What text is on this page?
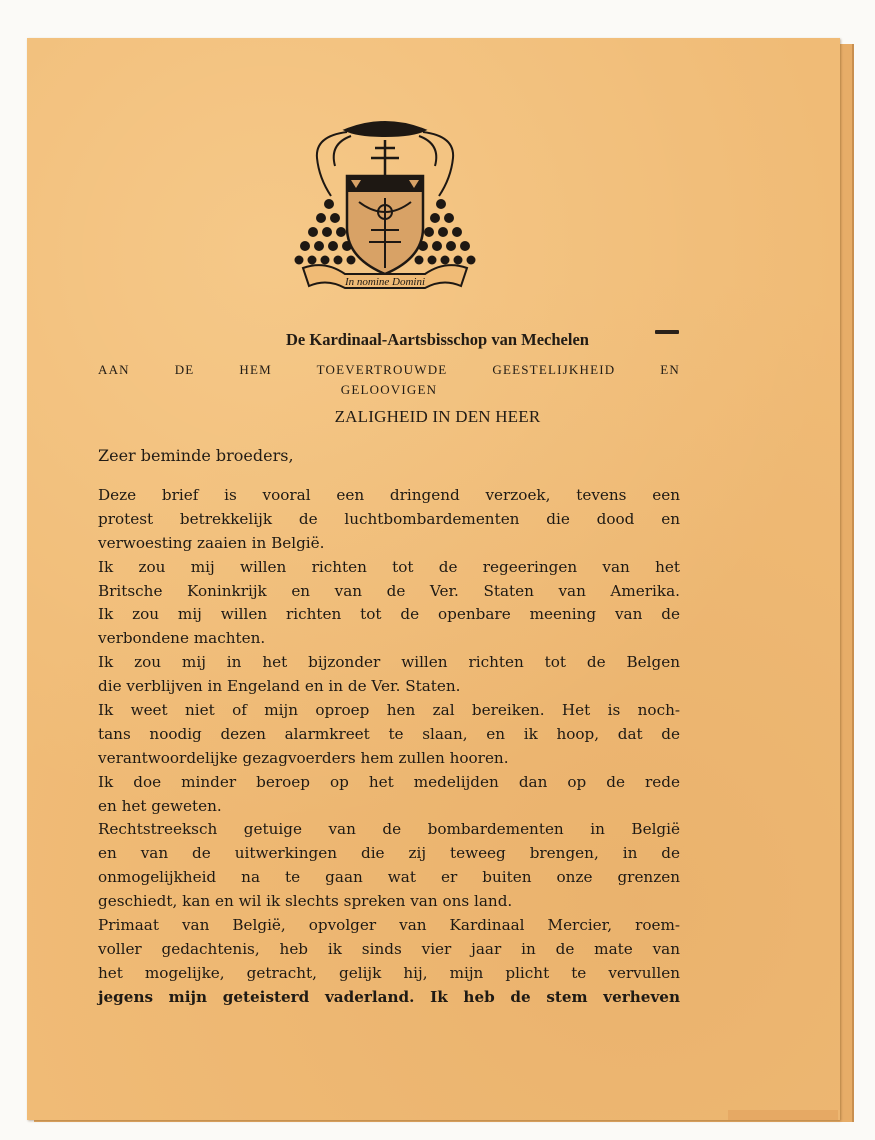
In nomine Domini
De Kardinaal-Aartsbisschop van Mechelen
AAN DE HEM TOEVERTROUWDE GEESTELIJKHEID EN
GELOOVIGEN
ZALIGHEID IN DEN HEER
Zeer beminde broeders,
Deze brief is vooral een dringend verzoek, tevens een
protest betrekkelijk de luchtbombardementen die dood en
verwoesting zaaien in België.
Ik zou mij willen richten tot de regeeringen van het
Britsche Koninkrijk en van de Ver. Staten van Amerika.
Ik zou mij willen richten tot de openbare meening van de
verbondene machten.
Ik zou mij in het bijzonder willen richten tot de Belgen
die verblijven in Engeland en in de Ver. Staten.
Ik weet niet of mijn oproep hen zal bereiken. Het is noch-
tans noodig dezen alarmkreet te slaan, en ik hoop, dat de
verantwoordelijke gezagvoerders hem zullen hooren.
Ik doe minder beroep op het medelijden dan op de rede
en het geweten.
Rechtstreeksch getuige van de bombardementen in België
en van de uitwerkingen die zij teweeg brengen, in de
onmogelijkheid na te gaan wat er buiten onze grenzen
geschiedt, kan en wil ik slechts spreken van ons land.
Primaat van België, opvolger van Kardinaal Mercier, roem-
voller gedachtenis, heb ik sinds vier jaar in de mate van
het mogelijke, getracht, gelijk hij, mijn plicht te vervullen
jegens mijn geteisterd vaderland. Ik heb de stem verheven
